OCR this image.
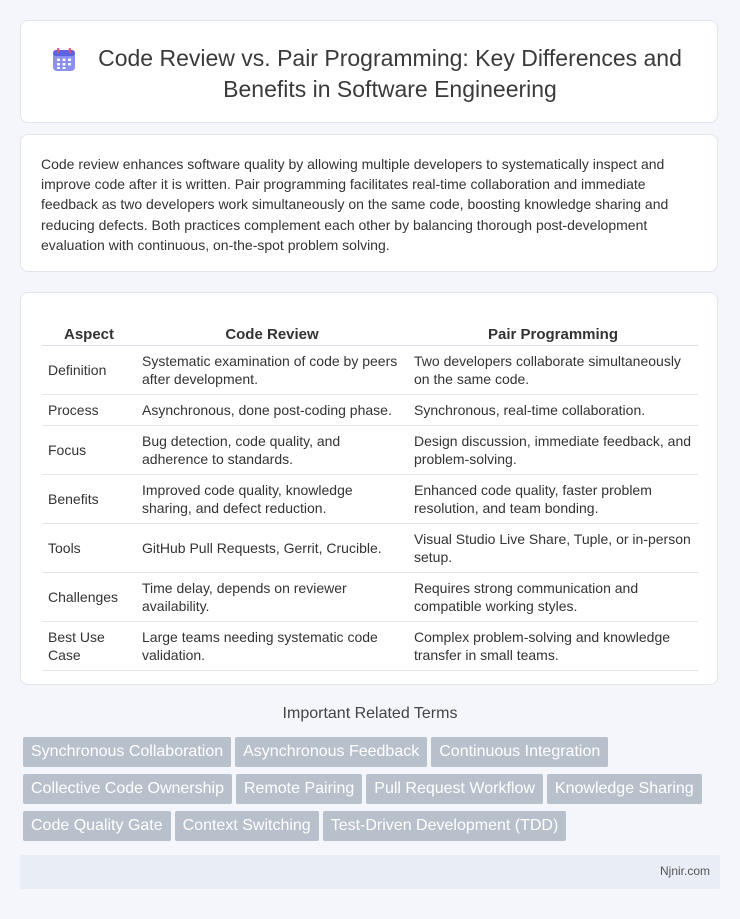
Code Review vs. Pair Programming: Key Differences and Benefits in Software Engineering
Code review enhances software quality by allowing multiple developers to systematically inspect and improve code after it is written. Pair programming facilitates real-time collaboration and immediate feedback as two developers work simultaneously on the same code, boosting knowledge sharing and reducing defects. Both practices complement each other by balancing thorough post-development evaluation with continuous, on-the-spot problem solving.
Aspect	Code Review	Pair Programming
Definition	Systematic examination of code by peers after development.	Two developers collaborate simultaneously on the same code.
Process	Asynchronous, done post-coding phase.	Synchronous, real-time collaboration.
Focus	Bug detection, code quality, and adherence to standards.	Design discussion, immediate feedback, and problem-solving.
Benefits	Improved code quality, knowledge sharing, and defect reduction.	Enhanced code quality, faster problem resolution, and team bonding.
Tools	GitHub Pull Requests, Gerrit, Crucible.	Visual Studio Live Share, Tuple, or in-person setup.
Challenges	Time delay, depends on reviewer availability.	Requires strong communication and compatible working styles.
Best Use Case	Large teams needing systematic code validation.	Complex problem-solving and knowledge transfer in small teams.
Important Related Terms
Synchronous Collaboration Asynchronous Feedback Continuous Integration
Collective Code Ownership Remote Pairing Pull Request Workflow Knowledge Sharing
Code Quality Gate Context Switching Test-Driven Development (TDD)
Njnir.com
